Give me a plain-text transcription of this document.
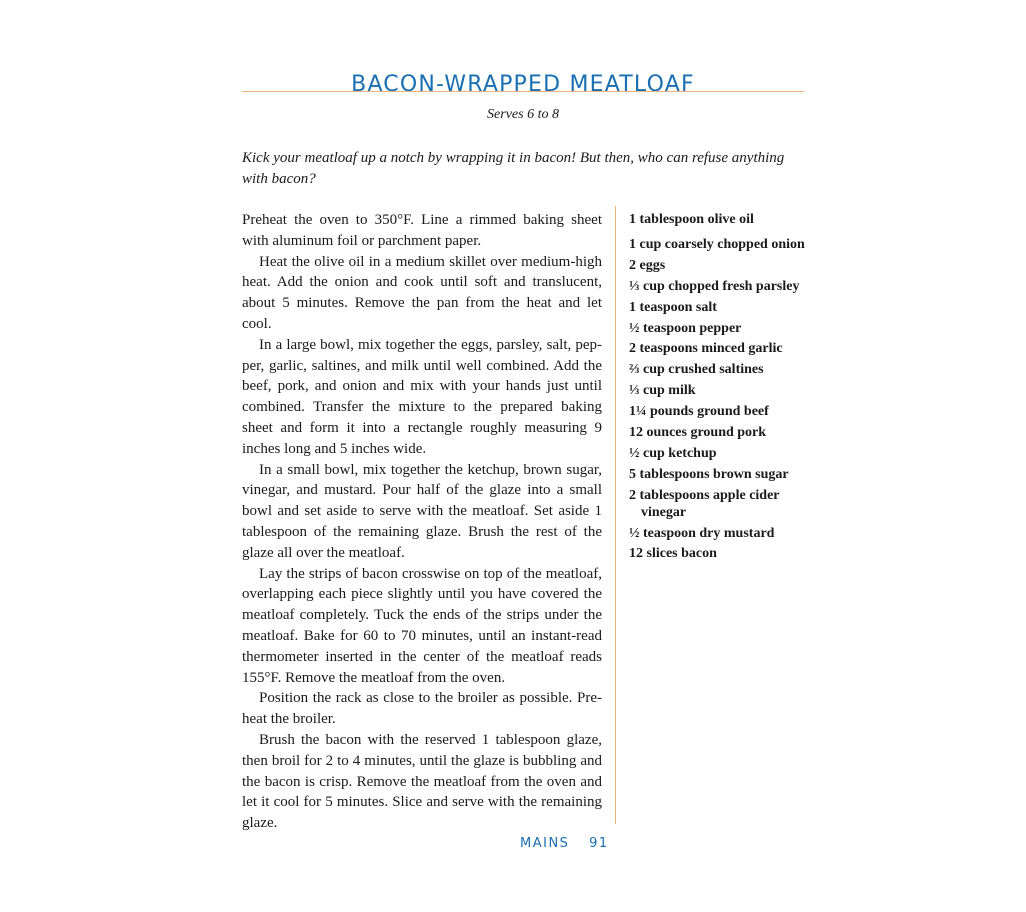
BACON-WRAPPED MEATLOAF
Serves 6 to 8
Kick your meatloaf up a notch by wrapping it in bacon! But then, who can refuse anything with bacon?

Preheat the oven to 350°F. Line a rimmed baking sheet with aluminum foil or parchment paper.

Heat the olive oil in a medium skillet over medium-high heat. Add the onion and cook until soft and translucent, about 5 minutes. Remove the pan from the heat and let cool.

In a large bowl, mix together the eggs, parsley, salt, pepper, garlic, saltines, and milk until well combined. Add the beef, pork, and onion and mix with your hands just until combined. Transfer the mixture to the prepared baking sheet and form it into a rectangle roughly measuring 9 inches long and 5 inches wide.

In a small bowl, mix together the ketchup, brown sugar, vinegar, and mustard. Pour half of the glaze into a small bowl and set aside to serve with the meatloaf. Set aside 1 tablespoon of the remaining glaze. Brush the rest of the glaze all over the meatloaf.

Lay the strips of bacon crosswise on top of the meatloaf, overlapping each piece slightly until you have covered the meatloaf completely. Tuck the ends of the strips under the meatloaf. Bake for 60 to 70 minutes, until an instant-read thermometer inserted in the center of the meatloaf reads 155°F. Remove the meatloaf from the oven.

Position the rack as close to the broiler as possible. Preheat the broiler.

Brush the bacon with the reserved 1 tablespoon glaze, then broil for 2 to 4 minutes, until the glaze is bubbling and the bacon is crisp. Remove the meatloaf from the oven and let it cool for 5 minutes. Slice and serve with the remaining glaze.

1 tablespoon olive oil
1 cup coarsely chopped onion
2 eggs
⅓ cup chopped fresh parsley
1 teaspoon salt
½ teaspoon pepper
2 teaspoons minced garlic
⅔ cup crushed saltines
⅓ cup milk
1¼ pounds ground beef
12 ounces ground pork
½ cup ketchup
5 tablespoons brown sugar
2 tablespoons apple cider vinegar
½ teaspoon dry mustard
12 slices bacon
MAINS 91
